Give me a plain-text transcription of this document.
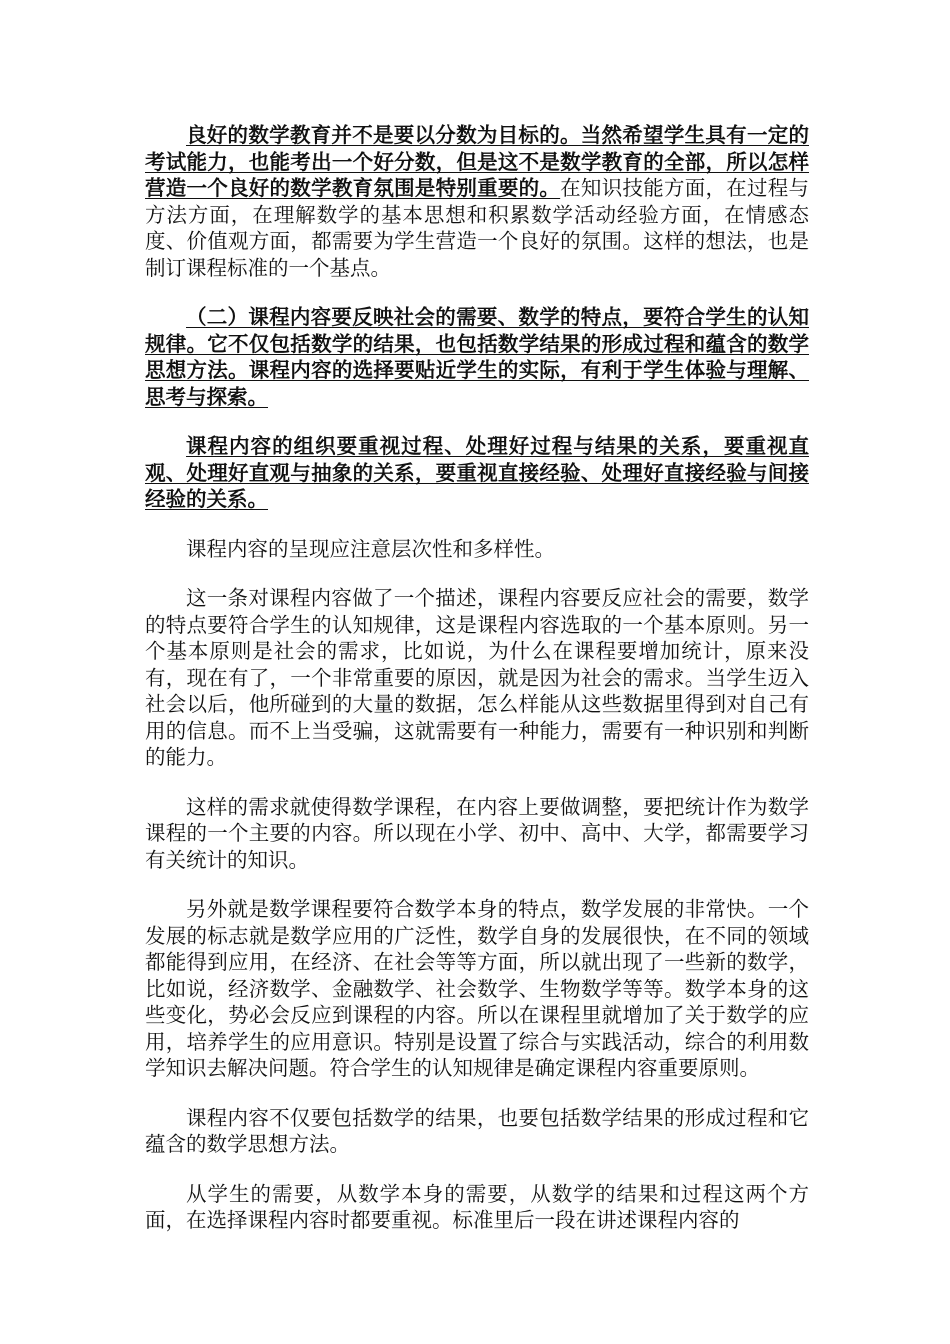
良好的数学教育并不是要以分数为目标的。当然希望学生具有一定的考试能力，也能考出一个好分数，但是这不是数学教育的全部，所以怎样营造一个良好的数学教育氛围是特别重要的。在知识技能方面，在过程与方法方面，在理解数学的基本思想和积累数学活动经验方面，在情感态度、价值观方面，都需要为学生营造一个良好的氛围。这样的想法，也是制订课程标准的一个基点。

（二）课程内容要反映社会的需要、数学的特点，要符合学生的认知规律。它不仅包括数学的结果，也包括数学结果的形成过程和蕴含的数学思想方法。课程内容的选择要贴近学生的实际，有利于学生体验与理解、思考与探索。

课程内容的组织要重视过程、处理好过程与结果的关系，要重视直观、处理好直观与抽象的关系，要重视直接经验、处理好直接经验与间接经验的关系。

课程内容的呈现应注意层次性和多样性。

这一条对课程内容做了一个描述，课程内容要反应社会的需要，数学的特点要符合学生的认知规律，这是课程内容选取的一个基本原则。另一个基本原则是社会的需求，比如说，为什么在课程要增加统计，原来没有，现在有了，一个非常重要的原因，就是因为社会的需求。当学生迈入社会以后，他所碰到的大量的数据，怎么样能从这些数据里得到对自己有用的信息。而不上当受骗，这就需要有一种能力，需要有一种识别和判断的能力。

这样的需求就使得数学课程，在内容上要做调整，要把统计作为数学课程的一个主要的内容。所以现在小学、初中、高中、大学，都需要学习有关统计的知识。

另外就是数学课程要符合数学本身的特点，数学发展的非常快。一个发展的标志就是数学应用的广泛性，数学自身的发展很快，在不同的领域都能得到应用，在经济、在社会等等方面，所以就出现了一些新的数学，比如说，经济数学、金融数学、社会数学、生物数学等等。数学本身的这些变化，势必会反应到课程的内容。所以在课程里就增加了关于数学的应用，培养学生的应用意识。特别是设置了综合与实践活动，综合的利用数学知识去解决问题。符合学生的认知规律是确定课程内容重要原则。

课程内容不仅要包括数学的结果，也要包括数学结果的形成过程和它蕴含的数学思想方法。

从学生的需要，从数学本身的需要，从数学的结果和过程这两个方面，在选择课程内容时都要重视。标准里后一段在讲述课程内容的
